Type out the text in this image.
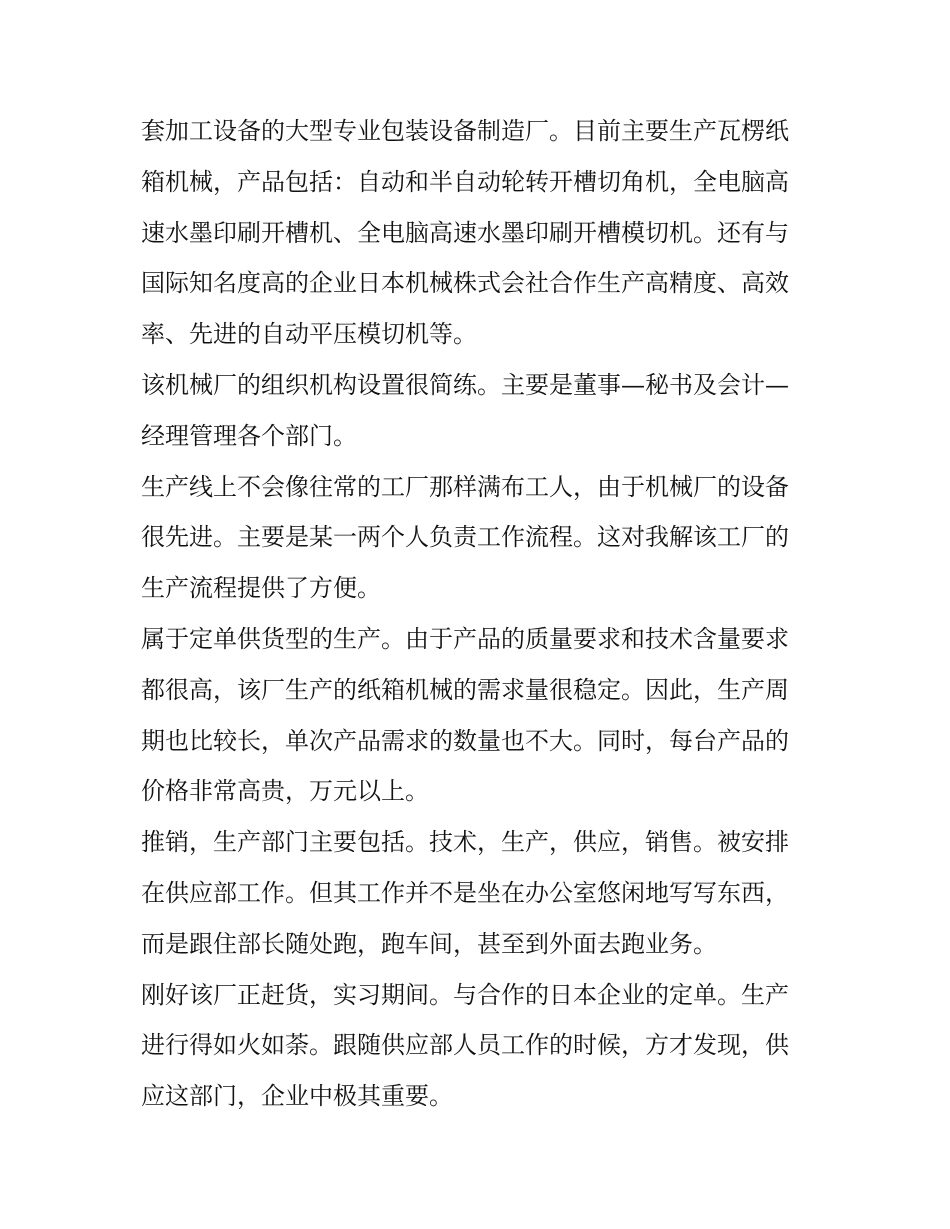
套加工设备的大型专业包装设备制造厂。目前主要生产瓦楞纸
箱机械，产品包括：自动和半自动轮转开槽切角机，全电脑高
速水墨印刷开槽机、全电脑高速水墨印刷开槽模切机。还有与
国际知名度高的企业日本机械株式会社合作生产高精度、高效
率、先进的自动平压模切机等。
该机械厂的组织机构设置很简练。主要是董事—秘书及会计—
经理管理各个部门。
生产线上不会像往常的工厂那样满布工人，由于机械厂的设备
很先进。主要是某一两个人负责工作流程。这对我解该工厂的
生产流程提供了方便。
属于定单供货型的生产。由于产品的质量要求和技术含量要求
都很高，该厂生产的纸箱机械的需求量很稳定。因此，生产周
期也比较长，单次产品需求的数量也不大。同时，每台产品的
价格非常高贵，万元以上。
推销，生产部门主要包括。技术，生产，供应，销售。被安排
在供应部工作。但其工作并不是坐在办公室悠闲地写写东西，
而是跟住部长随处跑，跑车间，甚至到外面去跑业务。
刚好该厂正赶货，实习期间。与合作的日本企业的定单。生产
进行得如火如荼。跟随供应部人员工作的时候，方才发现，供
应这部门，企业中极其重要。
